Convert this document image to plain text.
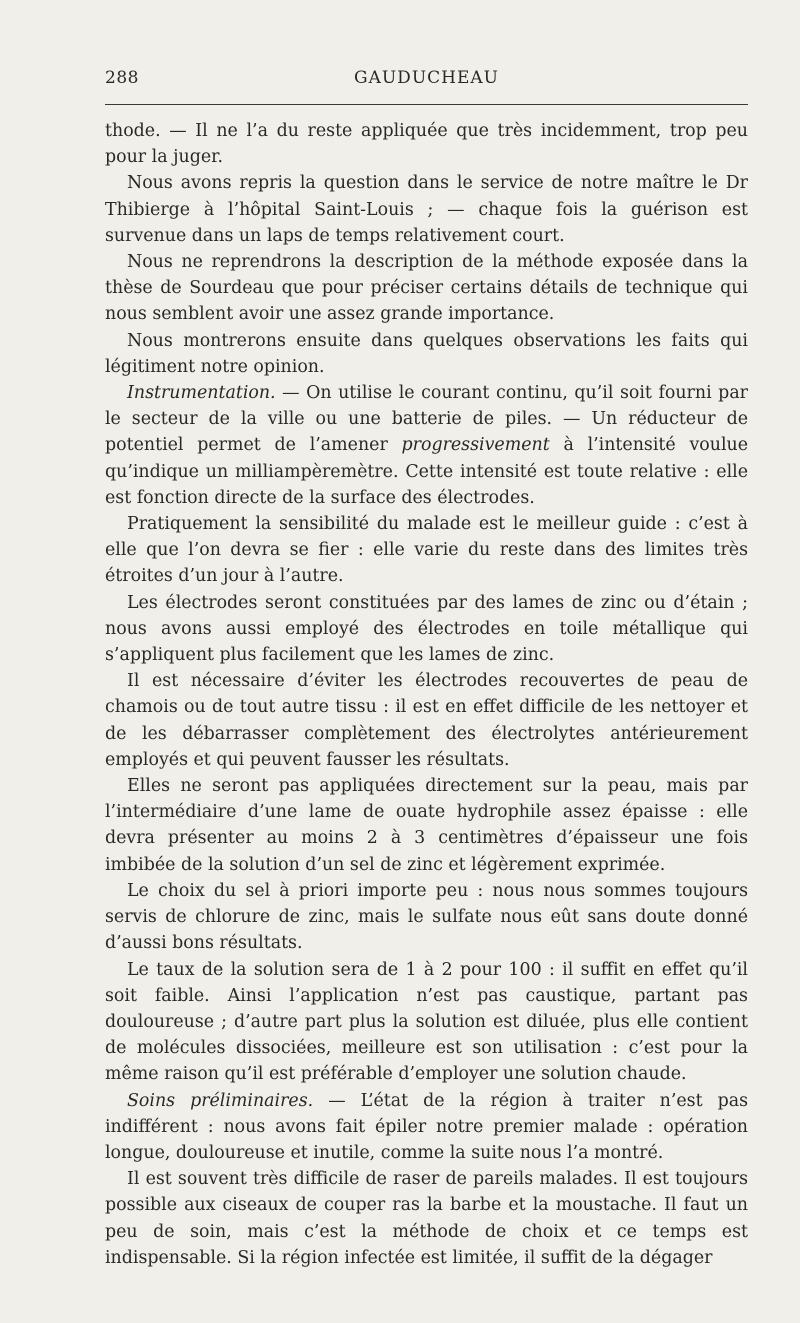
288	GAUDUCHEAU

thode. — Il ne l’a du reste appliquée que très incidemment, trop peu pour la juger.

Nous avons repris la question dans le service de notre maître le Dr Thibierge à l’hôpital Saint-Louis ; — chaque fois la guérison est survenue dans un laps de temps relativement court.

Nous ne reprendrons la description de la méthode exposée dans la thèse de Sourdeau que pour préciser certains détails de technique qui nous semblent avoir une assez grande importance.

Nous montrerons ensuite dans quelques observations les faits qui légitiment notre opinion.

Instrumentation. — On utilise le courant continu, qu’il soit fourni par le secteur de la ville ou une batterie de piles. — Un réducteur de potentiel permet de l’amener progressivement à l’intensité voulue qu’indique un milliampèremètre. Cette intensité est toute relative : elle est fonction directe de la surface des électrodes.

Pratiquement la sensibilité du malade est le meilleur guide : c’est à elle que l’on devra se fier : elle varie du reste dans des limites très étroites d’un jour à l’autre.

Les électrodes seront constituées par des lames de zinc ou d’étain ; nous avons aussi employé des électrodes en toile métallique qui s’appliquent plus facilement que les lames de zinc.

Il est nécessaire d’éviter les électrodes recouvertes de peau de chamois ou de tout autre tissu : il est en effet difficile de les nettoyer et de les débarrasser complètement des électrolytes antérieurement employés et qui peuvent fausser les résultats.

Elles ne seront pas appliquées directement sur la peau, mais par l’intermédiaire d’une lame de ouate hydrophile assez épaisse : elle devra présenter au moins 2 à 3 centimètres d’épaisseur une fois imbibée de la solution d’un sel de zinc et légèrement exprimée.

Le choix du sel à priori importe peu : nous nous sommes toujours servis de chlorure de zinc, mais le sulfate nous eût sans doute donné d’aussi bons résultats.

Le taux de la solution sera de 1 à 2 pour 100 : il suffit en effet qu’il soit faible. Ainsi l’application n’est pas caustique, partant pas douloureuse ; d’autre part plus la solution est diluée, plus elle contient de molécules dissociées, meilleure est son utilisation : c’est pour la même raison qu’il est préférable d’employer une solution chaude.

Soins préliminaires. — L’état de la région à traiter n’est pas indifférent : nous avons fait épiler notre premier malade : opération longue, douloureuse et inutile, comme la suite nous l’a montré.

Il est souvent très difficile de raser de pareils malades. Il est toujours possible aux ciseaux de couper ras la barbe et la moustache. Il faut un peu de soin, mais c’est la méthode de choix et ce temps est indispensable. Si la région infectée est limitée, il suffit de la dégager
